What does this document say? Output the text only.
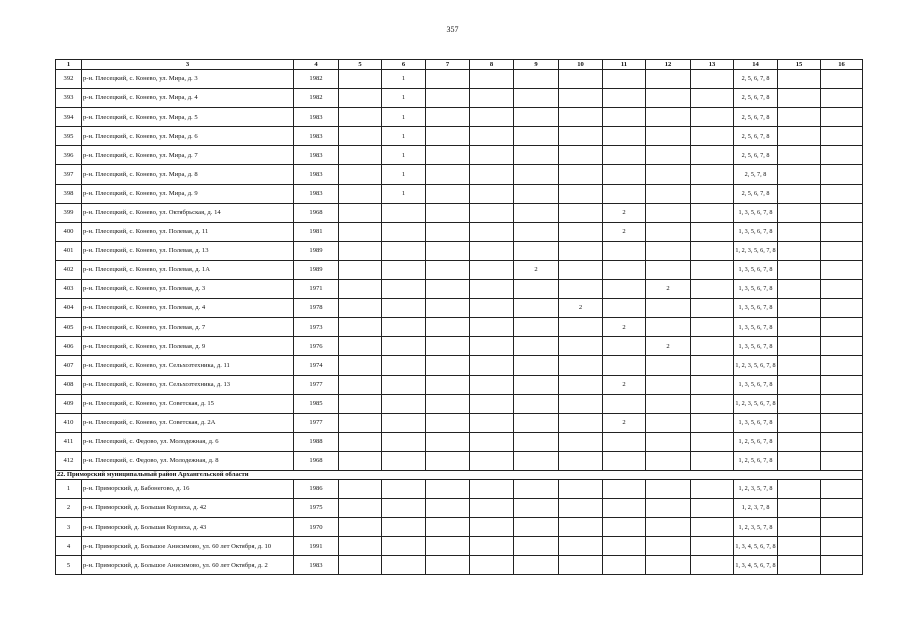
357
1	3	4	5	6	7	8	9	10	11	12	13	14	15	16
392	р-н. Плесецкий, с. Конево, ул. Мира, д. 3	1982		1								2, 5, 6, 7, 8		
393	р-н. Плесецкий, с. Конево, ул. Мира, д. 4	1982		1								2, 5, 6, 7, 8		
394	р-н. Плесецкий, с. Конево, ул. Мира, д. 5	1983		1								2, 5, 6, 7, 8		
395	р-н. Плесецкий, с. Конево, ул. Мира, д. 6	1983		1								2, 5, 6, 7, 8		
396	р-н. Плесецкий, с. Конево, ул. Мира, д. 7	1983		1								2, 5, 6, 7, 8		
397	р-н. Плесецкий, с. Конево, ул. Мира, д. 8	1983		1								2, 5, 7, 8		
398	р-н. Плесецкий, с. Конево, ул. Мира, д. 9	1983		1								2, 5, 6, 7, 8		
399	р-н. Плесецкий, с. Конево, ул. Октябрьская, д. 14	1968							2			1, 3, 5, 6, 7, 8		
400	р-н. Плесецкий, с. Конево, ул. Полевая, д. 11	1981							2			1, 3, 5, 6, 7, 8		
401	р-н. Плесецкий, с. Конево, ул. Полевая, д. 13	1989										1, 2, 3, 5, 6, 7, 8		
402	р-н. Плесецкий, с. Конево, ул. Полевая, д. 1А	1989					2					1, 3, 5, 6, 7, 8		
403	р-н. Плесецкий, с. Конево, ул. Полевая, д. 3	1971								2		1, 3, 5, 6, 7, 8		
404	р-н. Плесецкий, с. Конево, ул. Полевая, д. 4	1978						2				1, 3, 5, 6, 7, 8		
405	р-н. Плесецкий, с. Конево, ул. Полевая, д. 7	1973							2			1, 3, 5, 6, 7, 8		
406	р-н. Плесецкий, с. Конево, ул. Полевая, д. 9	1976								2		1, 3, 5, 6, 7, 8		
407	р-н. Плесецкий, с. Конево, ул. Сельхозтехника, д. 11	1974										1, 2, 3, 5, 6, 7, 8		
408	р-н. Плесецкий, с. Конево, ул. Сельхозтехника, д. 13	1977							2			1, 3, 5, 6, 7, 8		
409	р-н. Плесецкий, с. Конево, ул. Советская, д. 15	1985										1, 2, 3, 5, 6, 7, 8		
410	р-н. Плесецкий, с. Конево, ул. Советская, д. 2А	1977							2			1, 3, 5, 6, 7, 8		
411	р-н. Плесецкий, с. Федово, ул. Молодежная, д. 6	1988										1, 2, 5, 6, 7, 8		
412	р-н. Плесецкий, с. Федово, ул. Молодежная, д. 8	1968										1, 2, 5, 6, 7, 8		
22. Приморский муниципальный район Архангельской области														
1	р-н. Приморский, д. Бабонегово, д. 16	1986										1, 2, 3, 5, 7, 8		
2	р-н. Приморский, д. Большая Корзиха, д. 42	1975										1, 2, 3, 7, 8		
3	р-н. Приморский, д. Большая Корзиха, д. 43	1970										1, 2, 3, 5, 7, 8		
4	р-н. Приморский, д. Большое Анисимово, ул. 60 лет Октября, д. 10	1991										1, 3, 4, 5, 6, 7, 8		
5	р-н. Приморский, д. Большое Анисимово, ул. 60 лет Октября, д. 2	1983										1, 3, 4, 5, 6, 7, 8		
